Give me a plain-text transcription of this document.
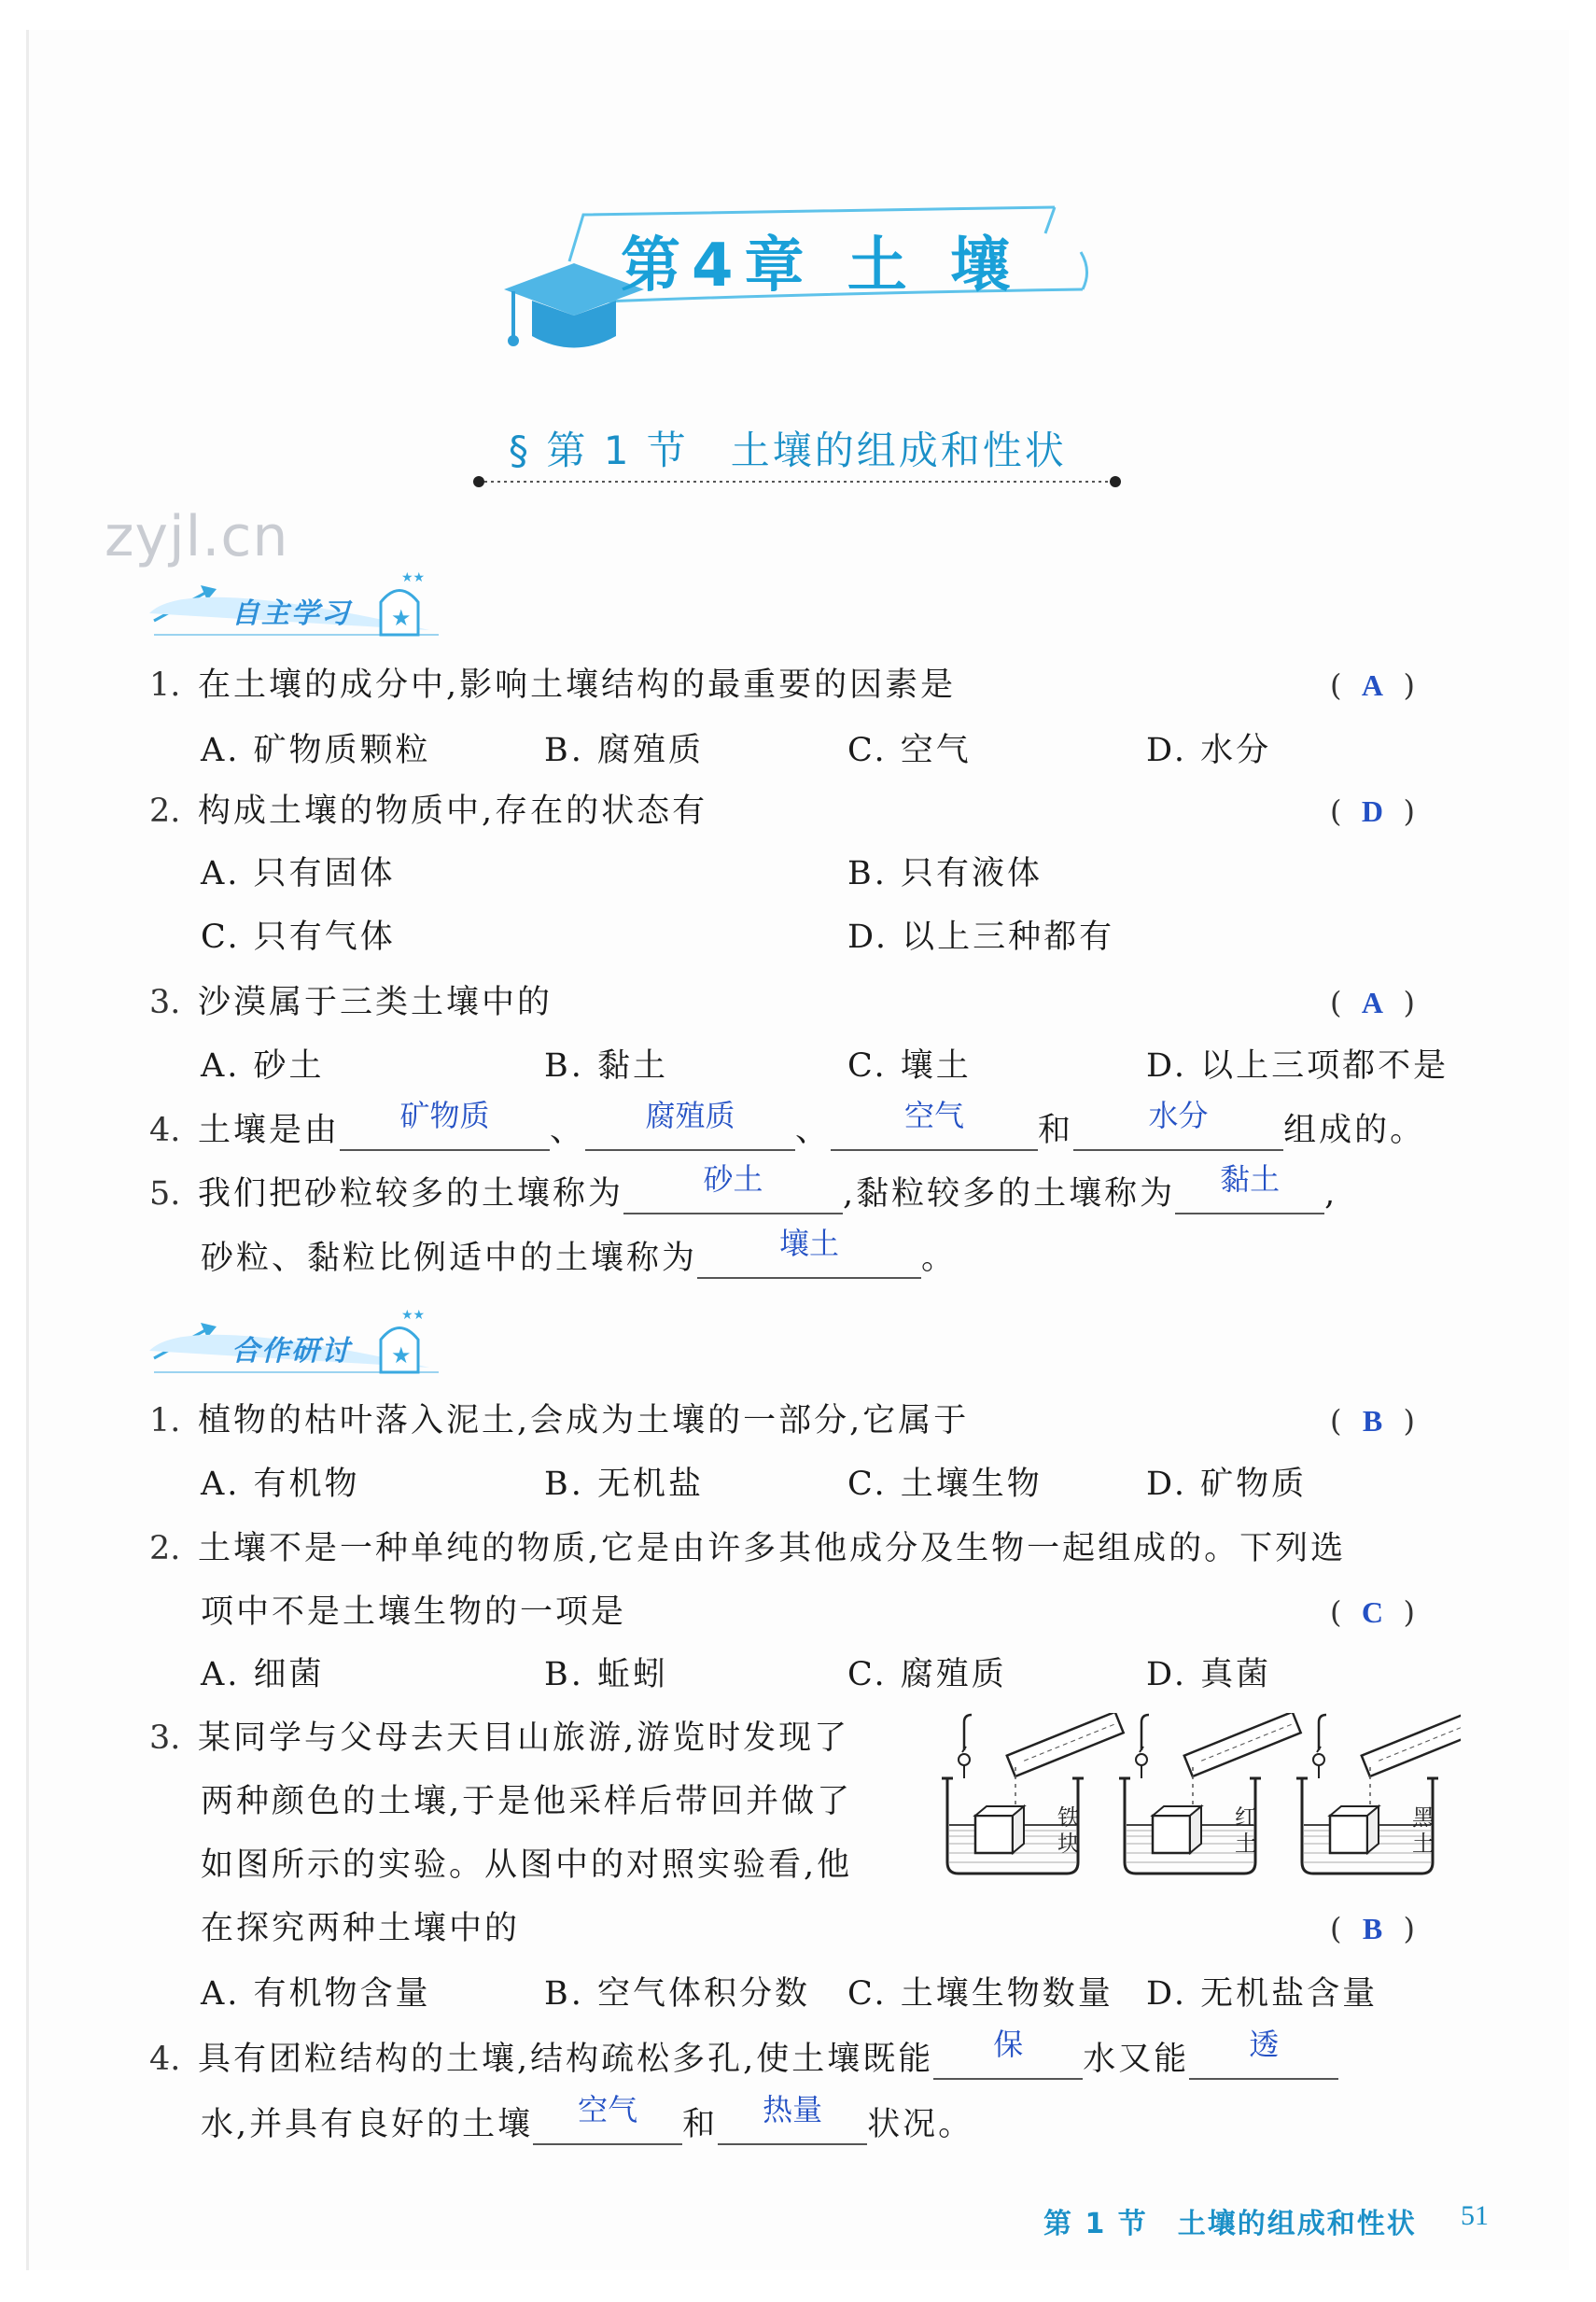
zyjl.cn
第4章 土 壤
§ 第 1 节　土壤的组成和性状
★
★★
自主学习
1. 在土壤的成分中,影响土壤结构的最重要的因素是	( A )
A. 矿物质颗粒	B. 腐殖质	C. 空气	D. 水分
2. 构成土壤的物质中,存在的状态有	( D )
A. 只有固体	B. 只有液体
C. 只有气体	D. 以上三种都有
3. 沙漠属于三类土壤中的	( A )
A. 砂土	B. 黏土	C. 壤土	D. 以上三项都不是
4. 土壤是由	矿物质	、	腐殖质	、	空气	和	水分	组成的。
5. 我们把砂粒较多的土壤称为	砂土	,黏粒较多的土壤称为	黏土	,
砂粒、黏粒比例适中的土壤称为	壤土	。
★
★★
合作研讨
1. 植物的枯叶落入泥土,会成为土壤的一部分,它属于	( B )
A. 有机物	B. 无机盐	C. 土壤生物	D. 矿物质
2. 土壤不是一种单纯的物质,它是由许多其他成分及生物一起组成的。下列选
项中不是土壤生物的一项是	( C )
A. 细菌	B. 蚯蚓	C. 腐殖质	D. 真菌
3. 某同学与父母去天目山旅游,游览时发现了
两种颜色的土壤,于是他采样后带回并做了
如图所示的实验。从图中的对照实验看,他
在探究两种土壤中的	( B )
铁块
红土
黑土
A. 有机物含量	B. 空气体积分数 C. 土壤生物数量 D. 无机盐含量
4. 具有团粒结构的土壤,结构疏松多孔,使土壤既能	保	水又能	透
水,并具有良好的土壤	空气	和	热量	状况。
第 1 节　土壤的组成和性状 51
